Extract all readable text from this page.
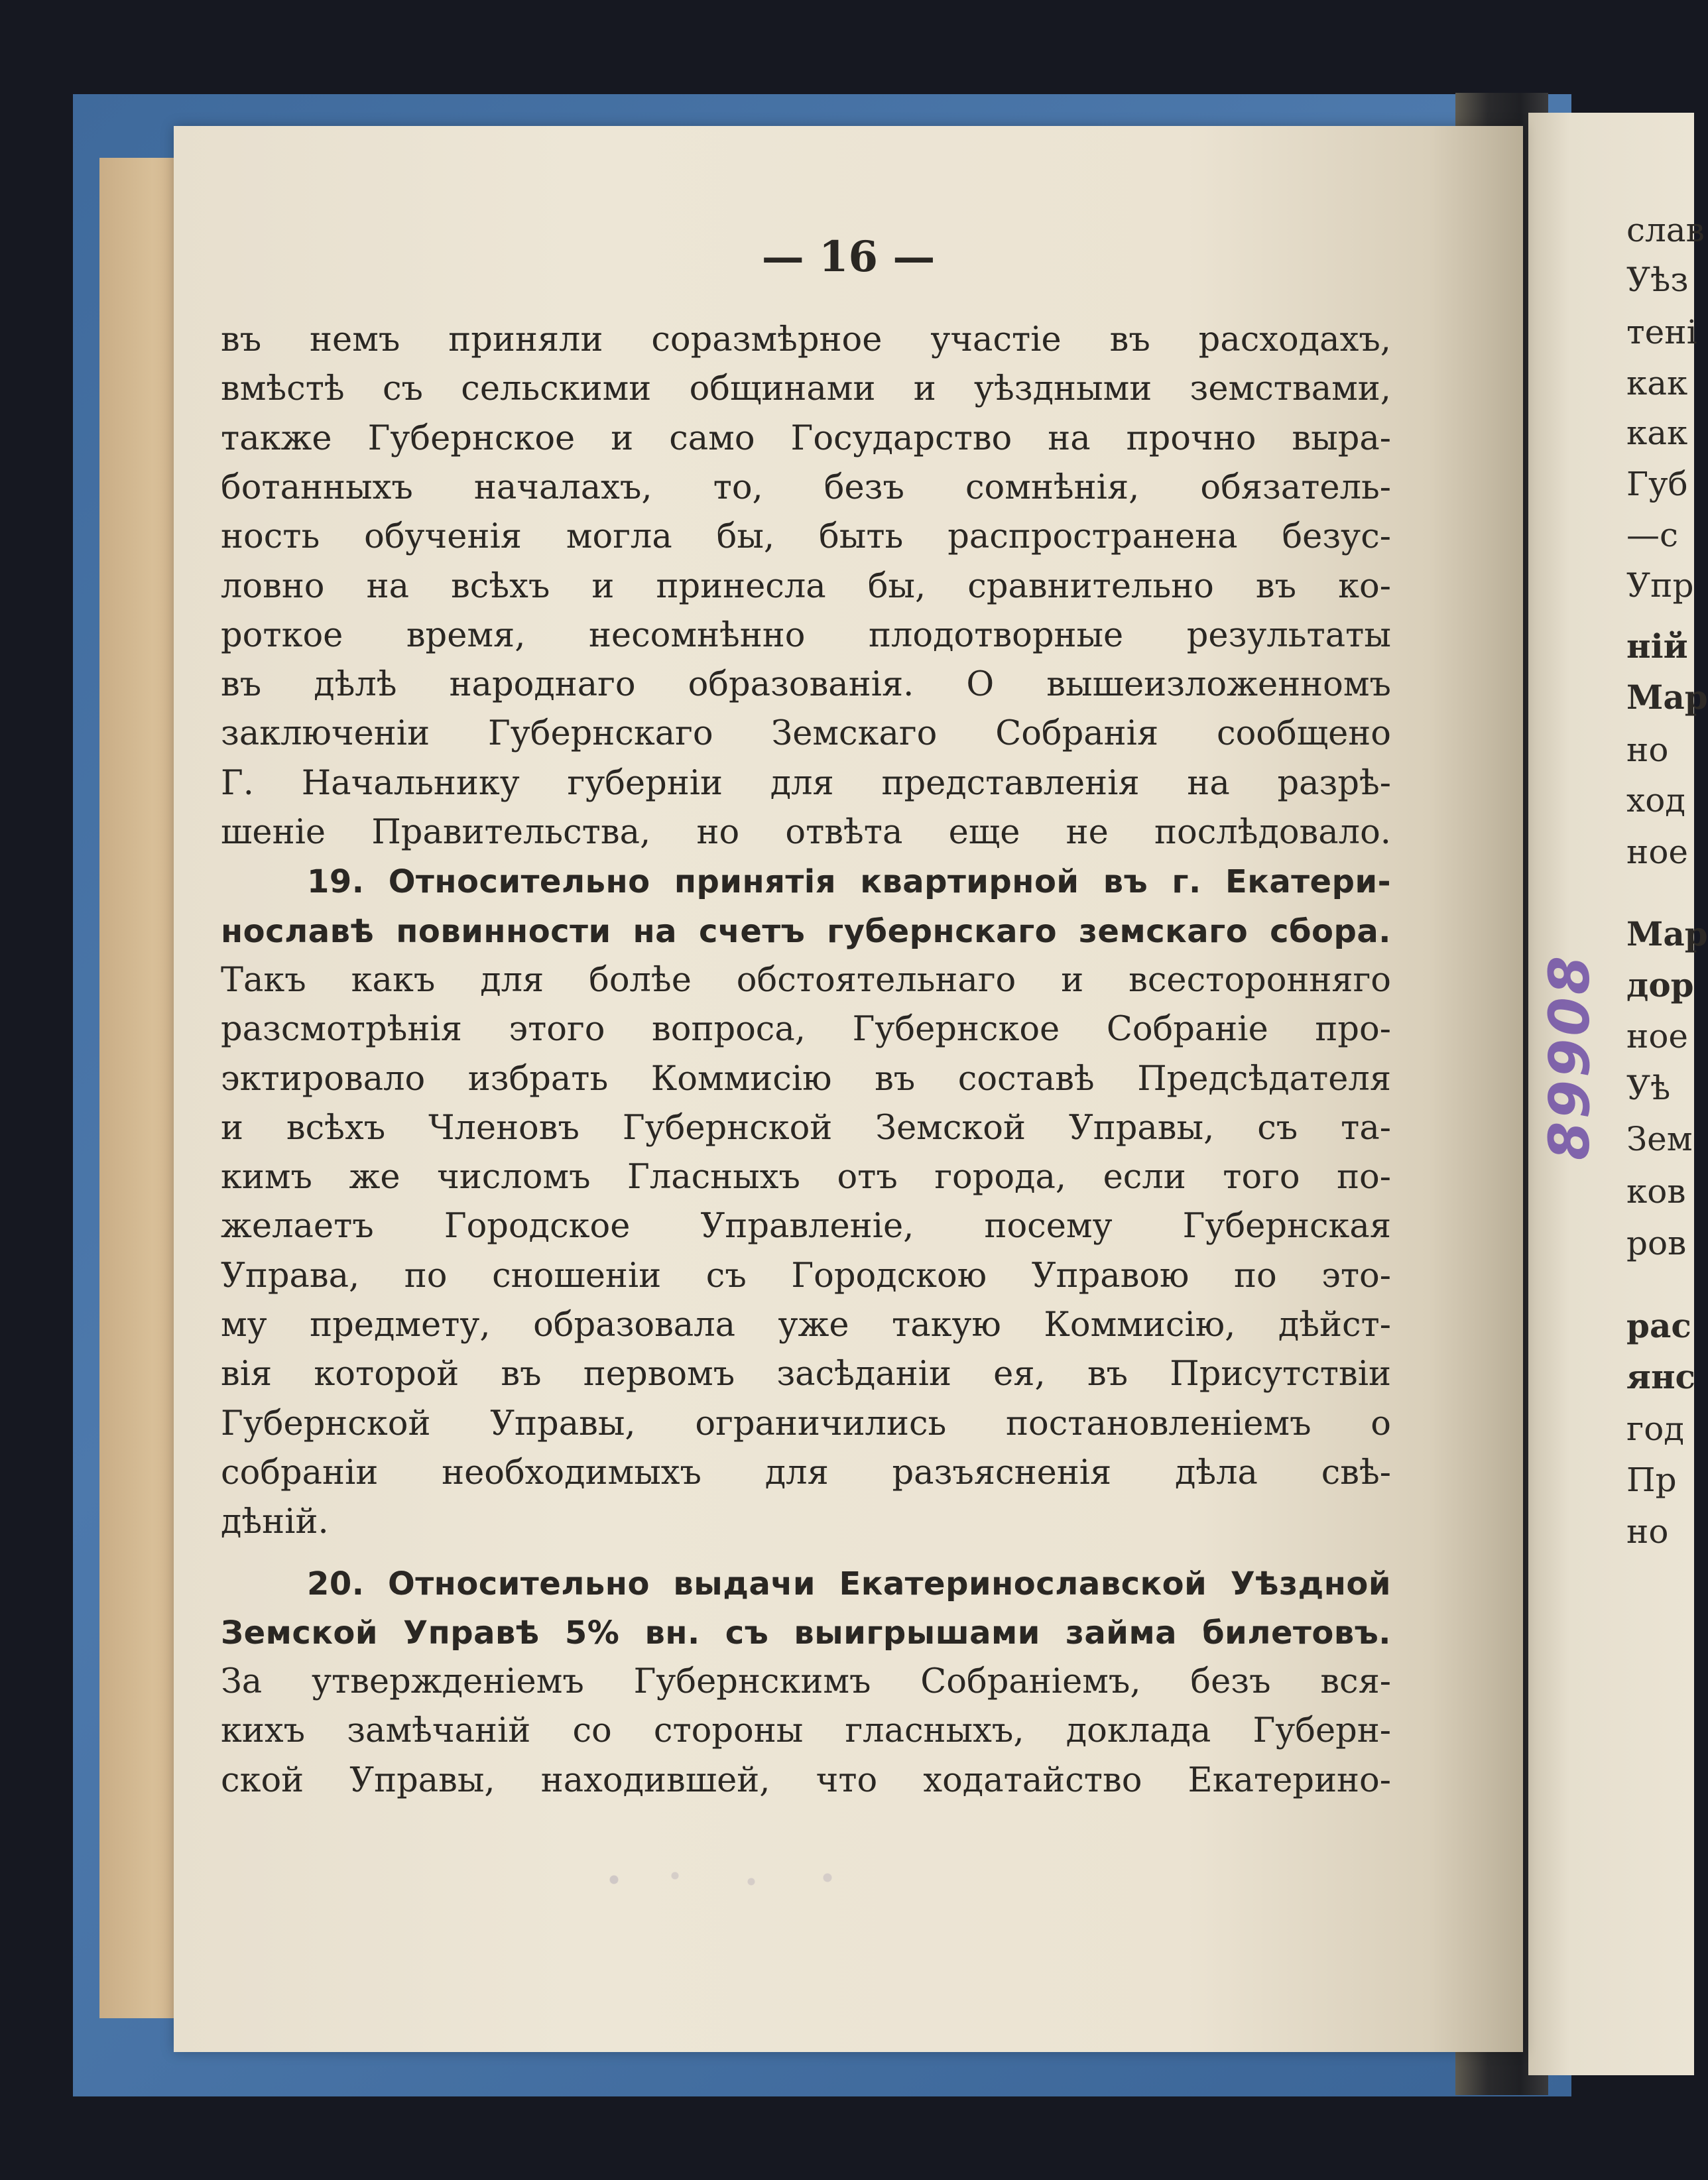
слав
Уѣз
тені
как
как
Губ
—с
Упр
ній
Мар
но
ход
ное
Мар
дор
ное
Уѣ
Зем
ков
ров
рас
янс
год
Пр
но
— 16 —
въ немъ приняли соразмѣрное участіе въ расходахъ,
вмѣстѣ съ сельскими общинами и уѣздными земствами,
также Губернское и само Государство на прочно выра-
ботанныхъ началахъ, то, безъ сомнѣнія, обязатель-
ность обученія могла бы, быть распространена безус-
ловно на всѣхъ и принесла бы, сравнительно въ ко-
роткое время, несомнѣнно плодотворные результаты
въ дѣлѣ народнаго образованія. О вышеизложенномъ
заключеніи Губернскаго Земскаго Собранія сообщено
Г. Начальнику губерніи для представленія на разрѣ-
шеніе Правительства, но отвѣта еще не послѣдовало.
19. Относительно принятія квартирной въ г. Екатери-
нославѣ повинности на счетъ губернскаго земскаго сбора.
Такъ какъ для болѣе обстоятельнаго и всесторонняго
разсмотрѣнія этого вопроса, Губернское Собраніе про-
эктировало избрать Коммисію въ составѣ Предсѣдателя
и всѣхъ Членовъ Губернской Земской Управы, съ та-
кимъ же числомъ Гласныхъ отъ города, если того по-
желаетъ Городское Управленіе, посему Губернская
Управа, по сношеніи съ Городскою Управою по это-
му предмету, образовала уже такую Коммисію, дѣйст-
вія которой въ первомъ засѣданіи ея, въ Присутствіи
Губернской Управы, ограничились постановленіемъ о
собраніи необходимыхъ для разъясненія дѣла свѣ-
дѣній.
20. Относительно выдачи Екатеринославской Уѣздной
Земской Управѣ 5% вн. съ выигрышами займа билетовъ.
За утвержденіемъ Губернскимъ Собраніемъ, безъ вся-
кихъ замѣчаній со стороны гласныхъ, доклада Губерн-
ской Управы, находившей, что ходатайство Екатерино-
89908
